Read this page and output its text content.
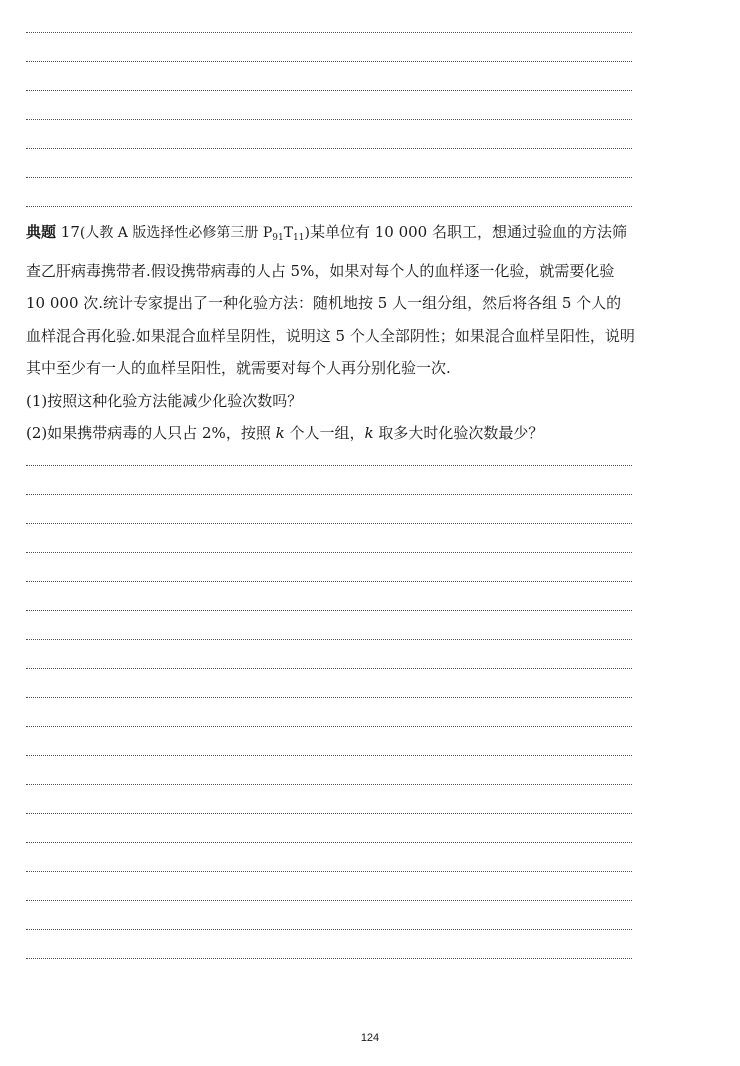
典题 17(人教 A 版选择性必修第三册 $P_{91}T_{11}$)某单位有 10 000 名职工，想通过验血的方法筛查乙肝病毒携带者.假设携带病毒的人占 5%，如果对每个人的血样逐一化验，就需要化验 10 000 次.统计专家提出了一种化验方法：随机地按 5 人一组分组，然后将各组 5 个人的血样混合再化验.如果混合血样呈阴性，说明这 5 个人全部阴性；如果混合血样呈阳性，说明其中至少有一人的血样呈阳性，就需要对每个人再分别化验一次.

(1)按照这种化验方法能减少化验次数吗？

(2)如果携带病毒的人只占 2%，按照 k 个人一组，k 取多大时化验次数最少？

124
